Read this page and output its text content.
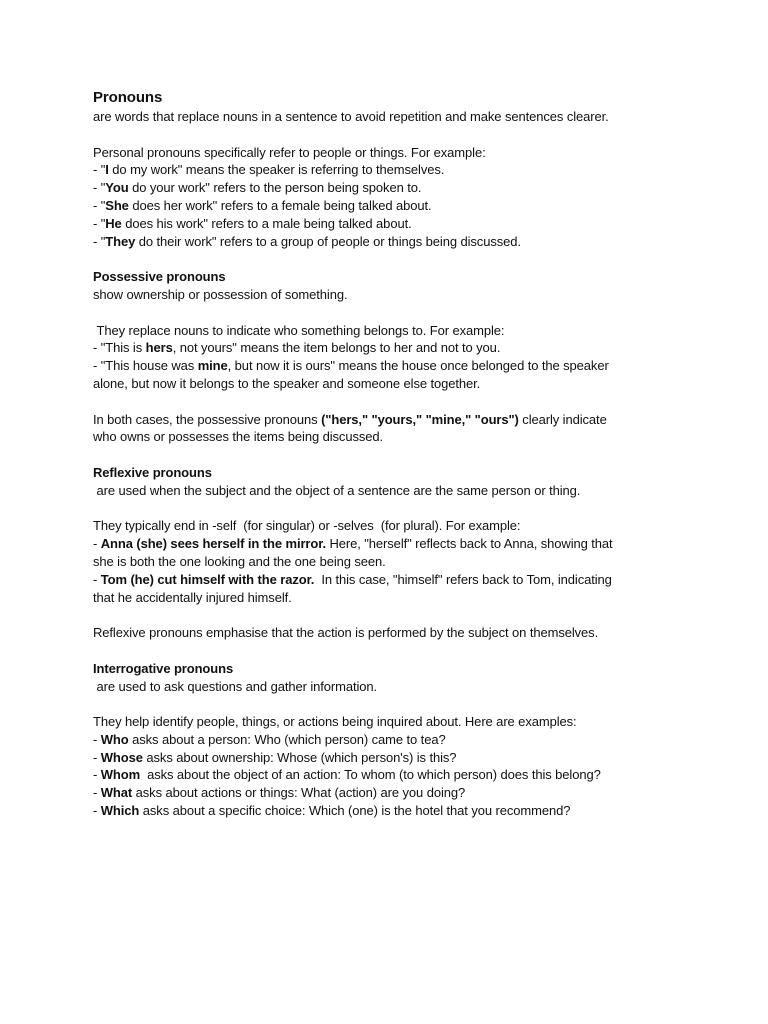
Pronouns

are words that replace nouns in a sentence to avoid repetition and make sentences clearer.

Personal pronouns specifically refer to people or things. For example:

- "I do my work" means the speaker is referring to themselves.

- "You do your work" refers to the person being spoken to.

- "She does her work" refers to a female being talked about.

- "He does his work" refers to a male being talked about.

- "They do their work" refers to a group of people or things being discussed.

Possessive pronouns

show ownership or possession of something.

They replace nouns to indicate who something belongs to. For example:

- "This is hers, not yours" means the item belongs to her and not to you.

- "This house was mine, but now it is ours" means the house once belonged to the speaker

alone, but now it belongs to the speaker and someone else together.

In both cases, the possessive pronouns ("hers," "yours," "mine," "ours") clearly indicate

who owns or possesses the items being discussed.

Reflexive pronouns

are used when the subject and the object of a sentence are the same person or thing.

They typically end in -self  (for singular) or -selves  (for plural). For example:

- Anna (she) sees herself in the mirror. Here, "herself" reflects back to Anna, showing that

she is both the one looking and the one being seen.

- Tom (he) cut himself with the razor.  In this case, "himself" refers back to Tom, indicating

that he accidentally injured himself.

Reflexive pronouns emphasise that the action is performed by the subject on themselves.

Interrogative pronouns

are used to ask questions and gather information.

They help identify people, things, or actions being inquired about. Here are examples:

- Who asks about a person: Who (which person) came to tea?

- Whose asks about ownership: Whose (which person's) is this?

- Whom  asks about the object of an action: To whom (to which person) does this belong?

- What asks about actions or things: What (action) are you doing?

- Which asks about a specific choice: Which (one) is the hotel that you recommend?
